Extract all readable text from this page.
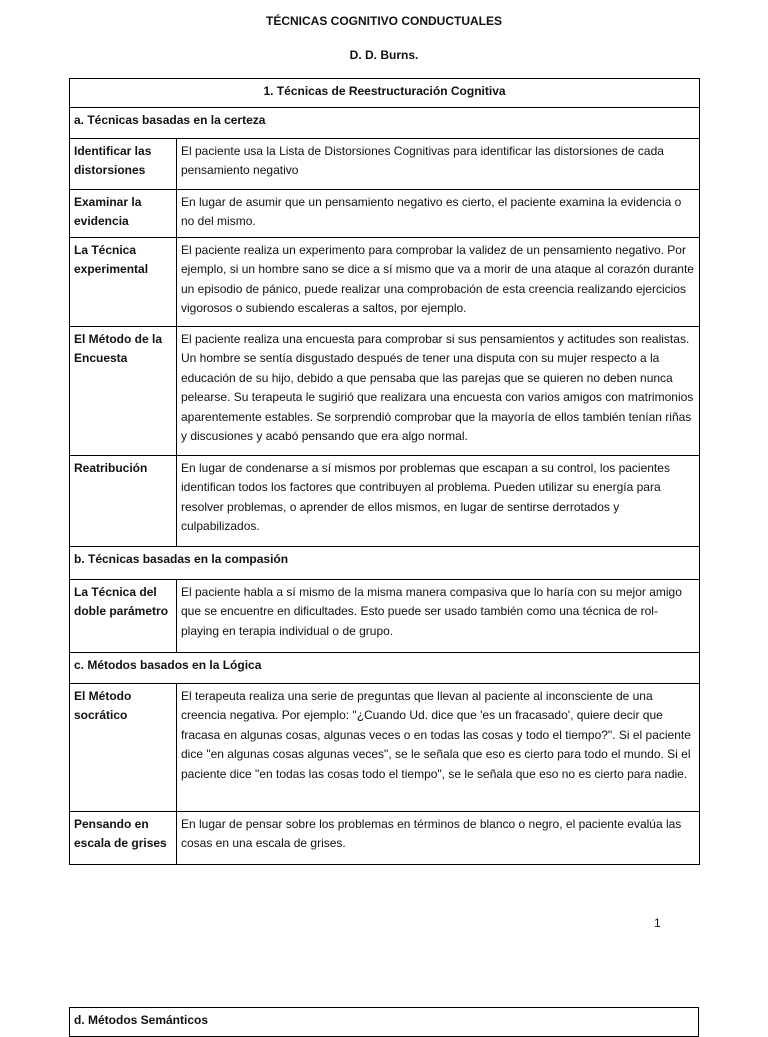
TÉCNICAS COGNITIVO CONDUCTUALES
D. D. Burns.
1. Técnicas de Reestructuración Cognitiva	
a. Técnicas basadas en la certeza	
Identificar las distorsiones	El paciente usa la Lista de Distorsiones Cognitivas para identificar las distorsiones de cada pensamiento negativo
Examinar la evidencia	En lugar de asumir que un pensamiento negativo es cierto, el paciente examina la evidencia o no del mismo.
La Técnica experimental	El paciente realiza un experimento para comprobar la validez de un pensamiento negativo. Por ejemplo, si un hombre sano se dice a sí mismo que va a morir de una ataque al corazón durante un episodio de pánico, puede realizar una comprobación de esta creencia realizando ejercicios vigorosos o subiendo escaleras a saltos, por ejemplo.
El Método de la Encuesta	El paciente realiza una encuesta para comprobar si sus pensamientos y actitudes son realistas. Un hombre se sentía disgustado después de tener una disputa con su mujer respecto a la educación de su hijo, debido a que pensaba que las parejas que se quieren no deben nunca pelearse. Su terapeuta le sugirió que realizara una encuesta con varios amigos con matrimonios aparentemente estables. Se sorprendió comprobar que la mayoría de ellos también tenían riñas y discusiones y acabó pensando que era algo normal.
Reatribución	En lugar de condenarse a sí mismos por problemas que escapan a su control, los pacientes identifican todos los factores que contribuyen al problema. Pueden utilizar su energía para resolver problemas, o aprender de ellos mismos, en lugar de sentirse derrotados y culpabilizados.
b. Técnicas basadas en la compasión	
La Técnica del doble parámetro	El paciente habla a sí mismo de la misma manera compasiva que lo haría con su mejor amigo que se encuentre en dificultades. Esto puede ser usado también como una técnica de rol-playing en terapia individual o de grupo.
c. Métodos basados en la Lógica	
El Método socrático	El terapeuta realiza una serie de preguntas que llevan al paciente al inconsciente de una creencia negativa. Por ejemplo: "¿Cuando Ud. dice que 'es un fracasado', quiere decir que fracasa en algunas cosas, algunas veces o en todas las cosas y todo el tiempo?". Si el paciente dice "en algunas cosas algunas veces", se le señala que eso es cierto para todo el mundo. Si el paciente dice "en todas las cosas todo el tiempo", se le señala que eso no es cierto para nadie.
Pensando en escala de grises	En lugar de pensar sobre los problemas en términos de blanco o negro, el paciente evalúa las cosas en una escala de grises.
1
d. Métodos Semánticos
